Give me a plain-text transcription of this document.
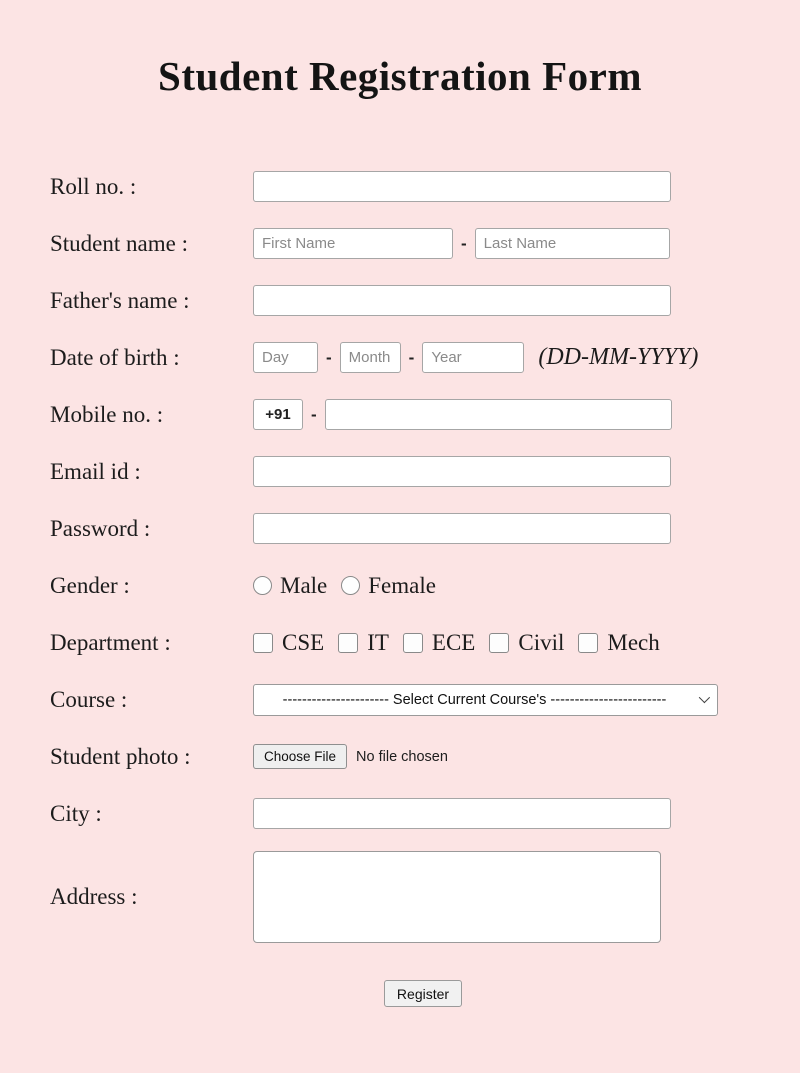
Student Registration Form
Roll no. :
Student name :
First Name	-
Last Name
Father's name :
Date of birth :
Day	-
Month	-
Year	(DD-MM-YYYY)
Mobile no. :
+91	-
Email id :
Password :
Gender :	Male Female
Department :	CSE IT ECE Civil Mech
Course :	---------------------- Select Current Course's ------------------------
Student photo :	Choose File	No file chosen
City :
Address :
Register
